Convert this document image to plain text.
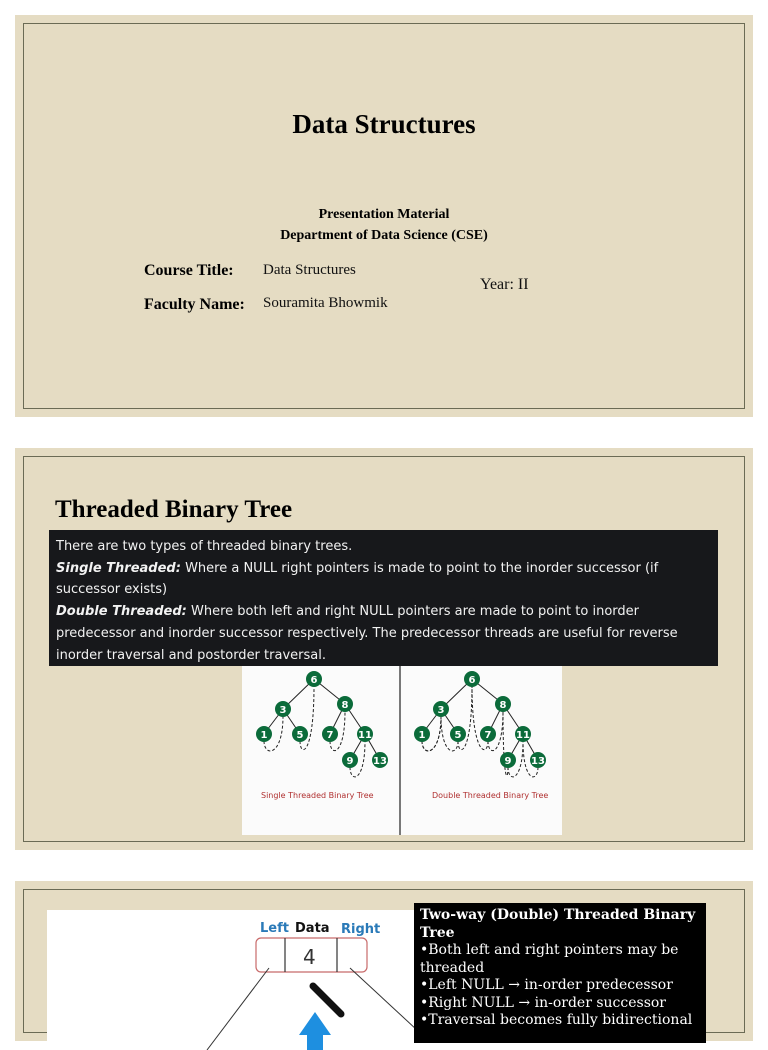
Data Structures
Presentation Material
Department of Data Science (CSE)
Course Title: Data Structures
Faculty Name: Souramita Bhowmik
Year: II
Threaded Binary Tree

There are two types of threaded binary trees.

Single Threaded: Where a NULL right pointers is made to point to the inorder successor (if successor exists)

Double Threaded: Where both left and right NULL pointers are made to point to inorder predecessor and inorder successor respectively. The predecessor threads are useful for reverse inorder traversal and postorder traversal.

6
3	8
1	5 7 11
9 13
6
3	8
1	5 7 11
9 13
Single Threaded Binary Tree	Double Threaded Binary Tree
Left Data Right
4
Two-way (Double) Threaded Binary Tree
•Both left and right pointers may be threaded
•Left NULL → in-order predecessor
•Right NULL → in-order successor
•Traversal becomes fully bidirectional
